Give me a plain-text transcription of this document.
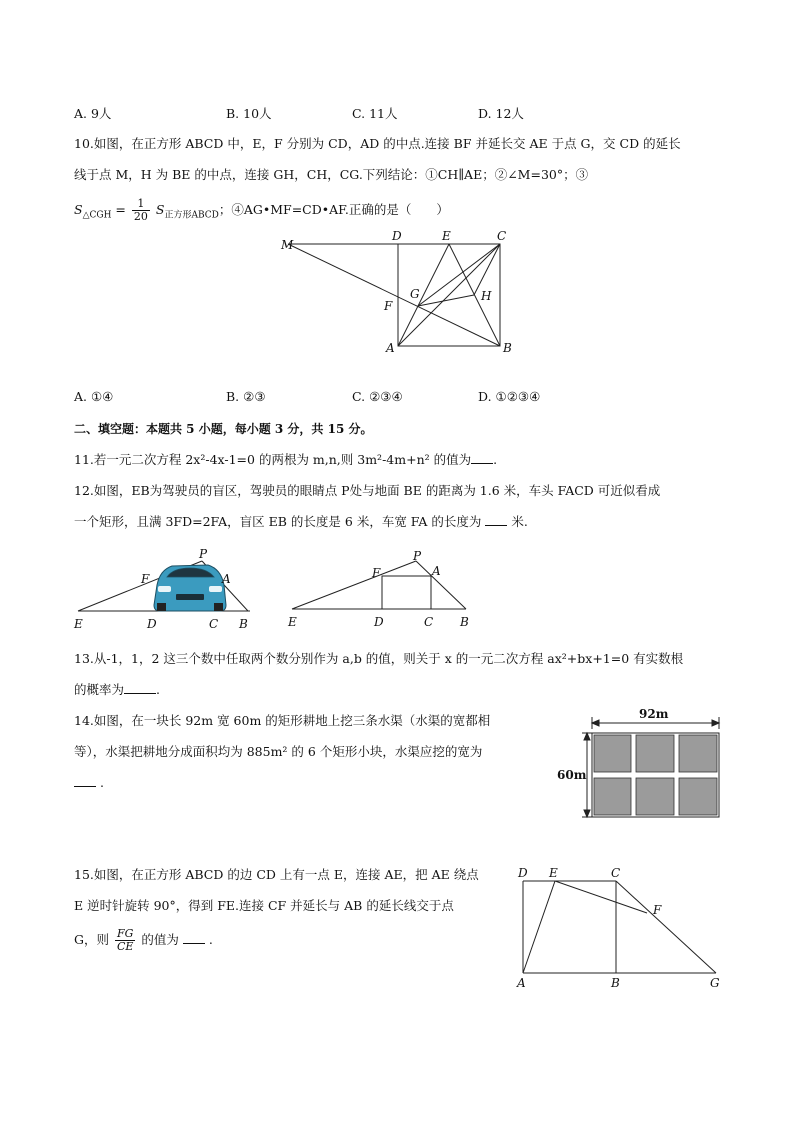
A. 9人	B. 10人	C. 11人	D. 12人
10.如图，在正方形 ABCD 中，E，F 分别为 CD，AD 的中点.连接 BF 并延长交 AE 于点 G，交 CD 的延长
线于点 M，H 为 BE 的中点，连接 GH，CH，CG.下列结论：①CH∥AE；②∠M=30°；③
$S_{\triangle CGH} = \frac{1}{20} S_{正方形ABCD}$；④AG•MF=CD•AF.正确的是（　　）
M
D	E	C
G	H
F
A	B
A. ①④	B. ②③	C. ②③④	D. ①②③④
二、填空题：本题共 5 小题，每小题 3 分，共 15 分。
11.若一元二次方程 2x²-4x-1=0 的两根为 m,n,则 3m²-4m+n² 的值为 .
12.如图，EB为驾驶员的盲区，驾驶员的眼睛点 P处与地面 BE 的距离为 1.6 米，车头 FACD 可近似看成
一个矩形，且满 3FD=2FA，盲区 EB 的长度是 6 米，车宽 FA 的长度为 米.
P
F	A
E	D	C B
P
F	A
E	D	C B
13.从-1，1，2 这三个数中任取两个数分别作为 a,b 的值，则关于 x 的一元二次方程 ax²+bx+1=0 有实数根
的概率为	.
14.如图，在一块长 92m 宽 60m 的矩形耕地上挖三条水渠（水渠的宽都相
等），水渠把耕地分成面积均为 885m² 的 6 个矩形小块，水渠应挖的宽为
.
92m
60m
15.如图，在正方形 ABCD 的边 CD 上有一点 E，连接 AE，把 AE 绕点
E 逆时针旋转 90°，得到 FE.连接 CF 并延长与 AB 的延长线交于点
G，则 $\frac{FG}{CE}$ 的值为 .
D E	C
F
A	B	G
